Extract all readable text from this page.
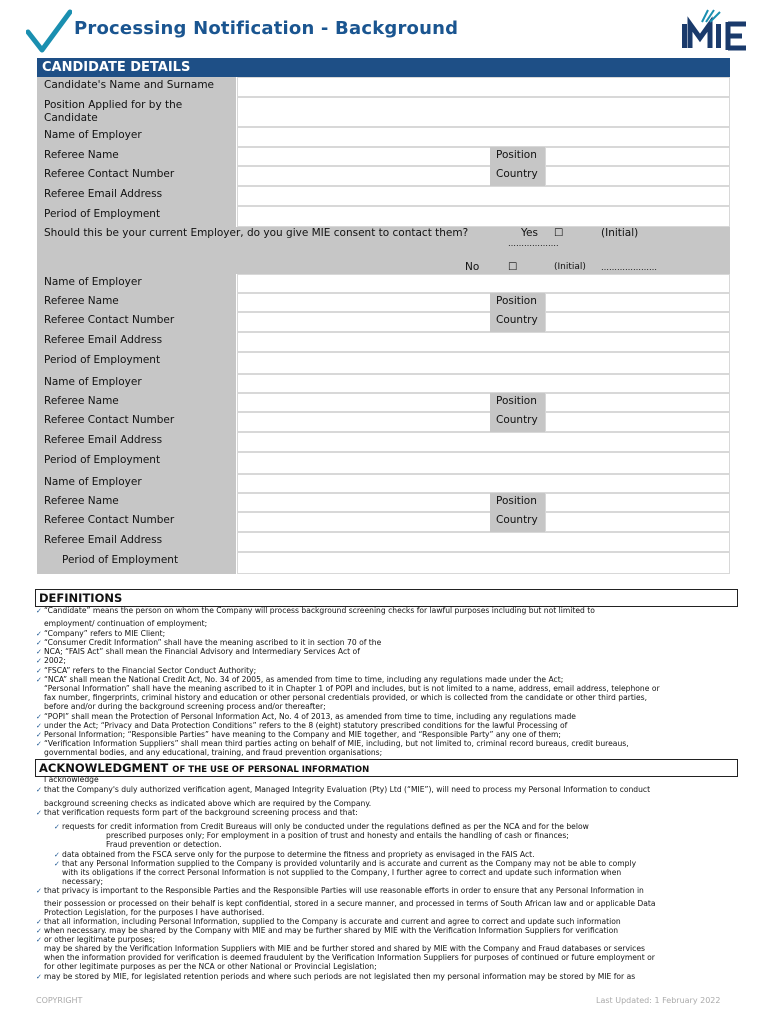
Processing Notification - Background
CANDIDATE DETAILS
Candidate's Name and Surname
Position Applied for by the Candidate
Name of Employer
Referee Name	Position
Referee Contact Number	Country
Referee Email Address
Period of Employment
Should this be your current Employer, do you give MIE consent to contact them?	Yes ☐	(Initial)
……………….
No	☐	(Initial) …………………
Name of Employer
Referee Name	Position
Referee Contact Number	Country
Referee Email Address
Period of Employment
Name of Employer
Referee Name	Position
Referee Contact Number	Country
Referee Email Address
Period of Employment
Name of Employer
Referee Name	Position
Referee Contact Number	Country
Referee Email Address
Period of Employment
DEFINITIONS
✓ “Candidate” means the person on whom the Company will process background screening checks for lawful purposes including but not limited to
employment/ continuation of employment;
✓ “Company” refers to MIE Client;
✓ “Consumer Credit Information” shall have the meaning ascribed to it in section 70 of the
✓ NCA; “FAIS Act” shall mean the Financial Advisory and Intermediary Services Act of
✓ 2002;
✓ “FSCA” refers to the Financial Sector Conduct Authority;
✓ “NCA” shall mean the National Credit Act, No. 34 of 2005, as amended from time to time, including any regulations made under the Act;
“Personal Information” shall have the meaning ascribed to it in Chapter 1 of POPI and includes, but is not limited to a name, address, email address, telephone or
fax number, fingerprints, criminal history and education or other personal credentials provided, or which is collected from the candidate or other third parties,
before and/or during the background screening process and/or thereafter;
✓ “POPI” shall mean the Protection of Personal Information Act, No. 4 of 2013, as amended from time to time, including any regulations made
✓ under the Act; “Privacy and Data Protection Conditions” refers to the 8 (eight) statutory prescribed conditions for the lawful Processing of
✓ Personal Information; “Responsible Parties” have meaning to the Company and MIE together, and “Responsible Party” any one of them;
✓ “Verification Information Suppliers” shall mean third parties acting on behalf of MIE, including, but not limited to, criminal record bureaus, credit bureaus,
governmental bodies, and any educational, training, and fraud prevention organisations;
ACKNOWLEDGMENT OF THE USE OF PERSONAL INFORMATION
I acknowledge
✓ that the Company's duly authorized verification agent, Managed Integrity Evaluation (Pty) Ltd (“MIE”), will need to process my Personal Information to conduct
background screening checks as indicated above which are required by the Company.
✓ that verification requests form part of the background screening process and that:
✓ requests for credit information from Credit Bureaus will only be conducted under the regulations defined as per the NCA and for the below
prescribed purposes only; For employment in a position of trust and honesty and entails the handling of cash or finances;
Fraud prevention or detection.
✓ data obtained from the FSCA serve only for the purpose to determine the fitness and propriety as envisaged in the FAIS Act.
✓ that any Personal Information supplied to the Company is provided voluntarily and is accurate and current as the Company may not be able to comply
with its obligations if the correct Personal Information is not supplied to the Company, I further agree to correct and update such information when
necessary;
✓ that privacy is important to the Responsible Parties and the Responsible Parties will use reasonable efforts in order to ensure that any Personal Information in
their possession or processed on their behalf is kept confidential, stored in a secure manner, and processed in terms of South African law and or applicable Data
Protection Legislation, for the purposes I have authorised.
✓ that all information, including Personal Information, supplied to the Company is accurate and current and agree to correct and update such information
✓ when necessary. may be shared by the Company with MIE and may be further shared by MIE with the Verification Information Suppliers for verification
✓ or other legitimate purposes;
may be shared by the Verification Information Suppliers with MIE and be further stored and shared by MIE with the Company and Fraud databases or services
when the information provided for verification is deemed fraudulent by the Verification Information Suppliers for purposes of continued or future employment or
for other legitimate purposes as per the NCA or other National or Provincial Legislation;
✓ may be stored by MIE, for legislated retention periods and where such periods are not legislated then my personal information may be stored by MIE for as
COPYRIGHT	Last Updated: 1 February 2022
